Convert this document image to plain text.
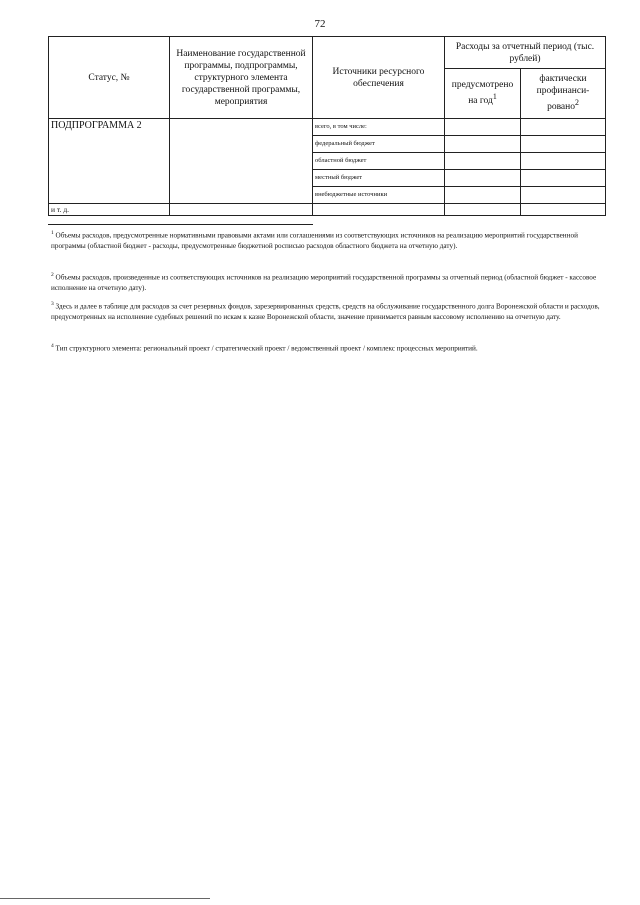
72
Статус, №	Наименование государственной программы, подпрограммы, структурного элемента государственной программы, мероприятия	Источники ресурсного обеспечения	Расходы за отчетный период (тыс. рублей)	
			предусмотрено на год$^1$	фактически профинанси-ровано$^2$
ПОДПРОГРАММА 2		всего, в том числе:		
		федеральный бюджет		
		областной бюджет		
		местный бюджет		
		внебюджетные источники		
и т. д.				
$^1$ Объемы расходов, предусмотренные нормативными правовыми актами или соглашениями из соответствующих источников на реализацию мероприятий государственной программы (областной бюджет - расходы, предусмотренные бюджетной росписью расходов областного бюджета на отчетную дату).
$^2$ Объемы расходов, произведенные из соответствующих источников на реализацию мероприятий государственной программы за отчетный период (областной бюджет - кассовое исполнение на отчетную дату).
$^3$ Здесь и далее в таблице для расходов за счет резервных фондов, зарезервированных средств, средств на обслуживание государственного долга Воронежской области и расходов, предусмотренных на исполнение судебных решений по искам к казне Воронежской области, значение принимается равным кассовому исполнению на отчетную дату.
$^4$ Тип структурного элемента: региональный проект / стратегический проект / ведомственный проект / комплекс процессных мероприятий.
